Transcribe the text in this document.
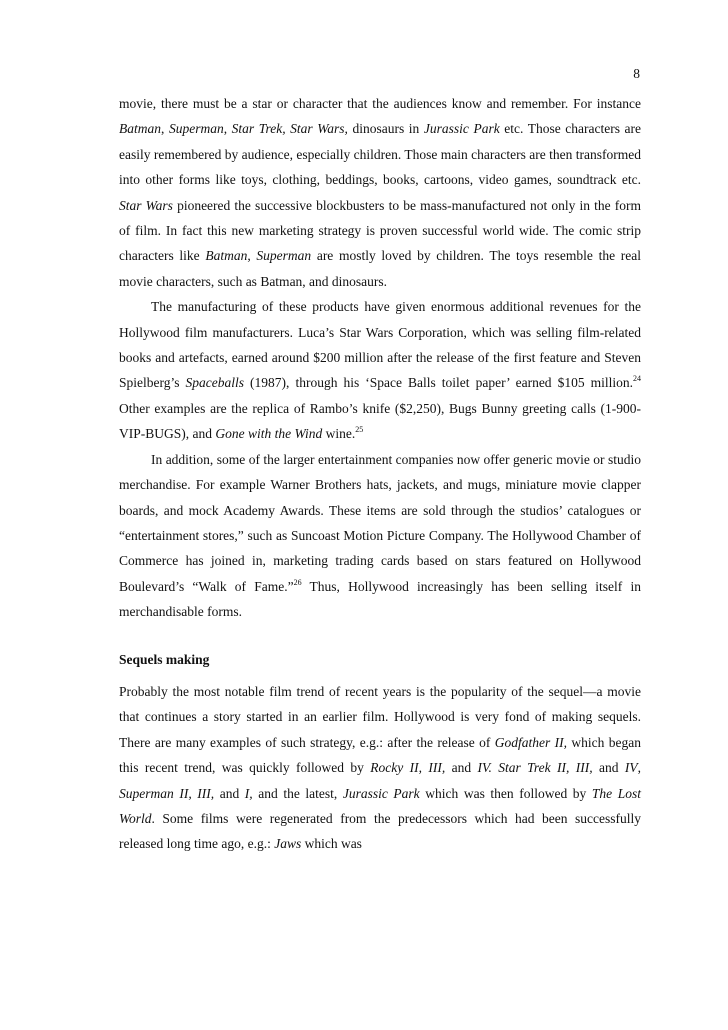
8

movie, there must be a star or character that the audiences know and remember. For instance Batman, Superman, Star Trek, Star Wars, dinosaurs in Jurassic Park etc. Those characters are easily remembered by audience, especially children. Those main characters are then transformed into other forms like toys, clothing, beddings, books, cartoons, video games, soundtrack etc. Star Wars pioneered the successive blockbusters to be mass-manufactured not only in the form of film. In fact this new marketing strategy is proven successful world wide. The comic strip characters like Batman, Superman are mostly loved by children. The toys resemble the real movie characters, such as Batman, and dinosaurs.

The manufacturing of these products have given enormous additional revenues for the Hollywood film manufacturers. Luca’s Star Wars Corporation, which was selling film-related books and artefacts, earned around $200 million after the release of the first feature and Steven Spielberg’s Spaceballs (1987), through his ‘Space Balls toilet paper’ earned $105 million.$^{24}$ Other examples are the replica of Rambo’s knife ($2,250), Bugs Bunny greeting calls (1-900-VIP-BUGS), and Gone with the Wind wine.$^{25}$

In addition, some of the larger entertainment companies now offer generic movie or studio merchandise. For example Warner Brothers hats, jackets, and mugs, miniature movie clapper boards, and mock Academy Awards. These items are sold through the studios’ catalogues or “entertainment stores,” such as Suncoast Motion Picture Company. The Hollywood Chamber of Commerce has joined in, marketing trading cards based on stars featured on Hollywood Boulevard’s “Walk of Fame.”$^{26}$ Thus, Hollywood increasingly has been selling itself in merchandisable forms.

Sequels making

Probably the most notable film trend of recent years is the popularity of the sequel—a movie that continues a story started in an earlier film. Hollywood is very fond of making sequels. There are many examples of such strategy, e.g.: after the release of Godfather II, which began this recent trend, was quickly followed by Rocky II, III, and IV. Star Trek II, III, and IV, Superman II, III, and I, and the latest, Jurassic Park which was then followed by The Lost World. Some films were regenerated from the predecessors which had been successfully released long time ago, e.g.: Jaws which was
